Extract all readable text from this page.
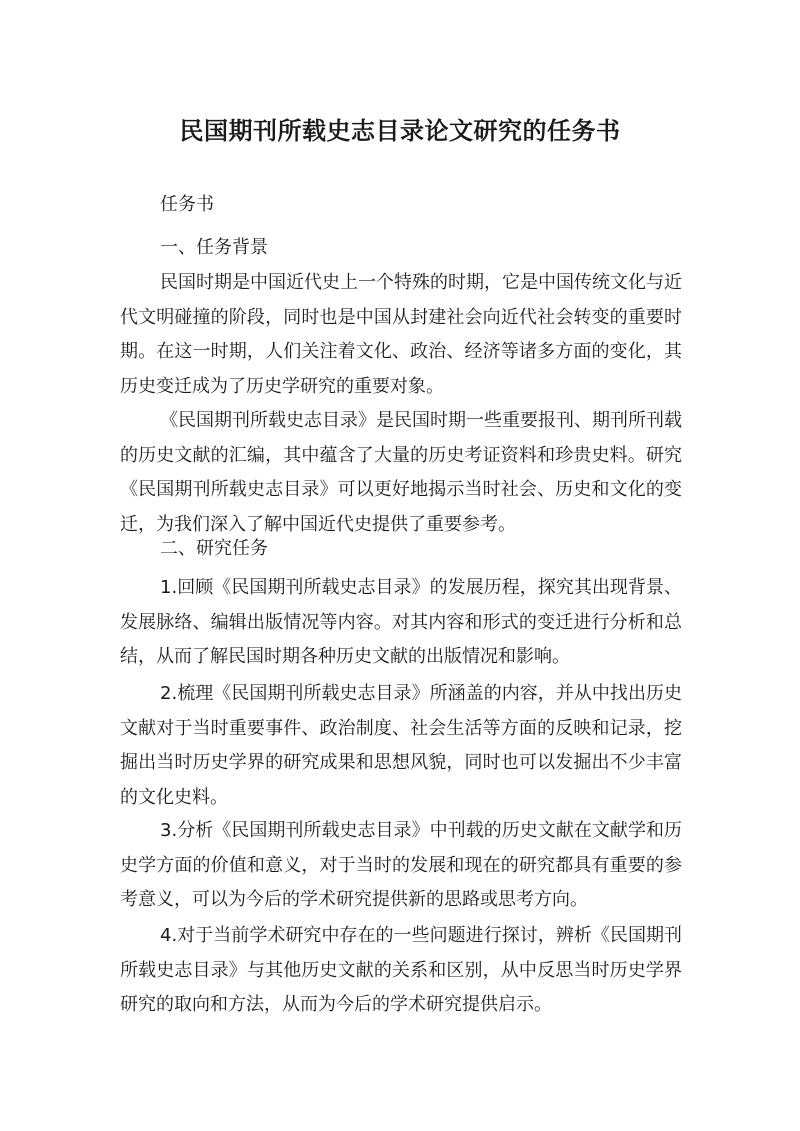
民国期刊所载史志目录论文研究的任务书

任务书

一、任务背景

民国时期是中国近代史上一个特殊的时期，它是中国传统文化与近代文明碰撞的阶段，同时也是中国从封建社会向近代社会转变的重要时期。在这一时期，人们关注着文化、政治、经济等诸多方面的变化，其历史变迁成为了历史学研究的重要对象。

《民国期刊所载史志目录》是民国时期一些重要报刊、期刊所刊载的历史文献的汇编，其中蕴含了大量的历史考证资料和珍贵史料。研究《民国期刊所载史志目录》可以更好地揭示当时社会、历史和文化的变迁，为我们深入了解中国近代史提供了重要参考。

二、研究任务

1.回顾《民国期刊所载史志目录》的发展历程，探究其出现背景、发展脉络、编辑出版情况等内容。对其内容和形式的变迁进行分析和总结，从而了解民国时期各种历史文献的出版情况和影响。

2.梳理《民国期刊所载史志目录》所涵盖的内容，并从中找出历史文献对于当时重要事件、政治制度、社会生活等方面的反映和记录，挖掘出当时历史学界的研究成果和思想风貌，同时也可以发掘出不少丰富的文化史料。

3.分析《民国期刊所载史志目录》中刊载的历史文献在文献学和历史学方面的价值和意义，对于当时的发展和现在的研究都具有重要的参考意义，可以为今后的学术研究提供新的思路或思考方向。

4.对于当前学术研究中存在的一些问题进行探讨，辨析《民国期刊所载史志目录》与其他历史文献的关系和区别，从中反思当时历史学界研究的取向和方法，从而为今后的学术研究提供启示。
